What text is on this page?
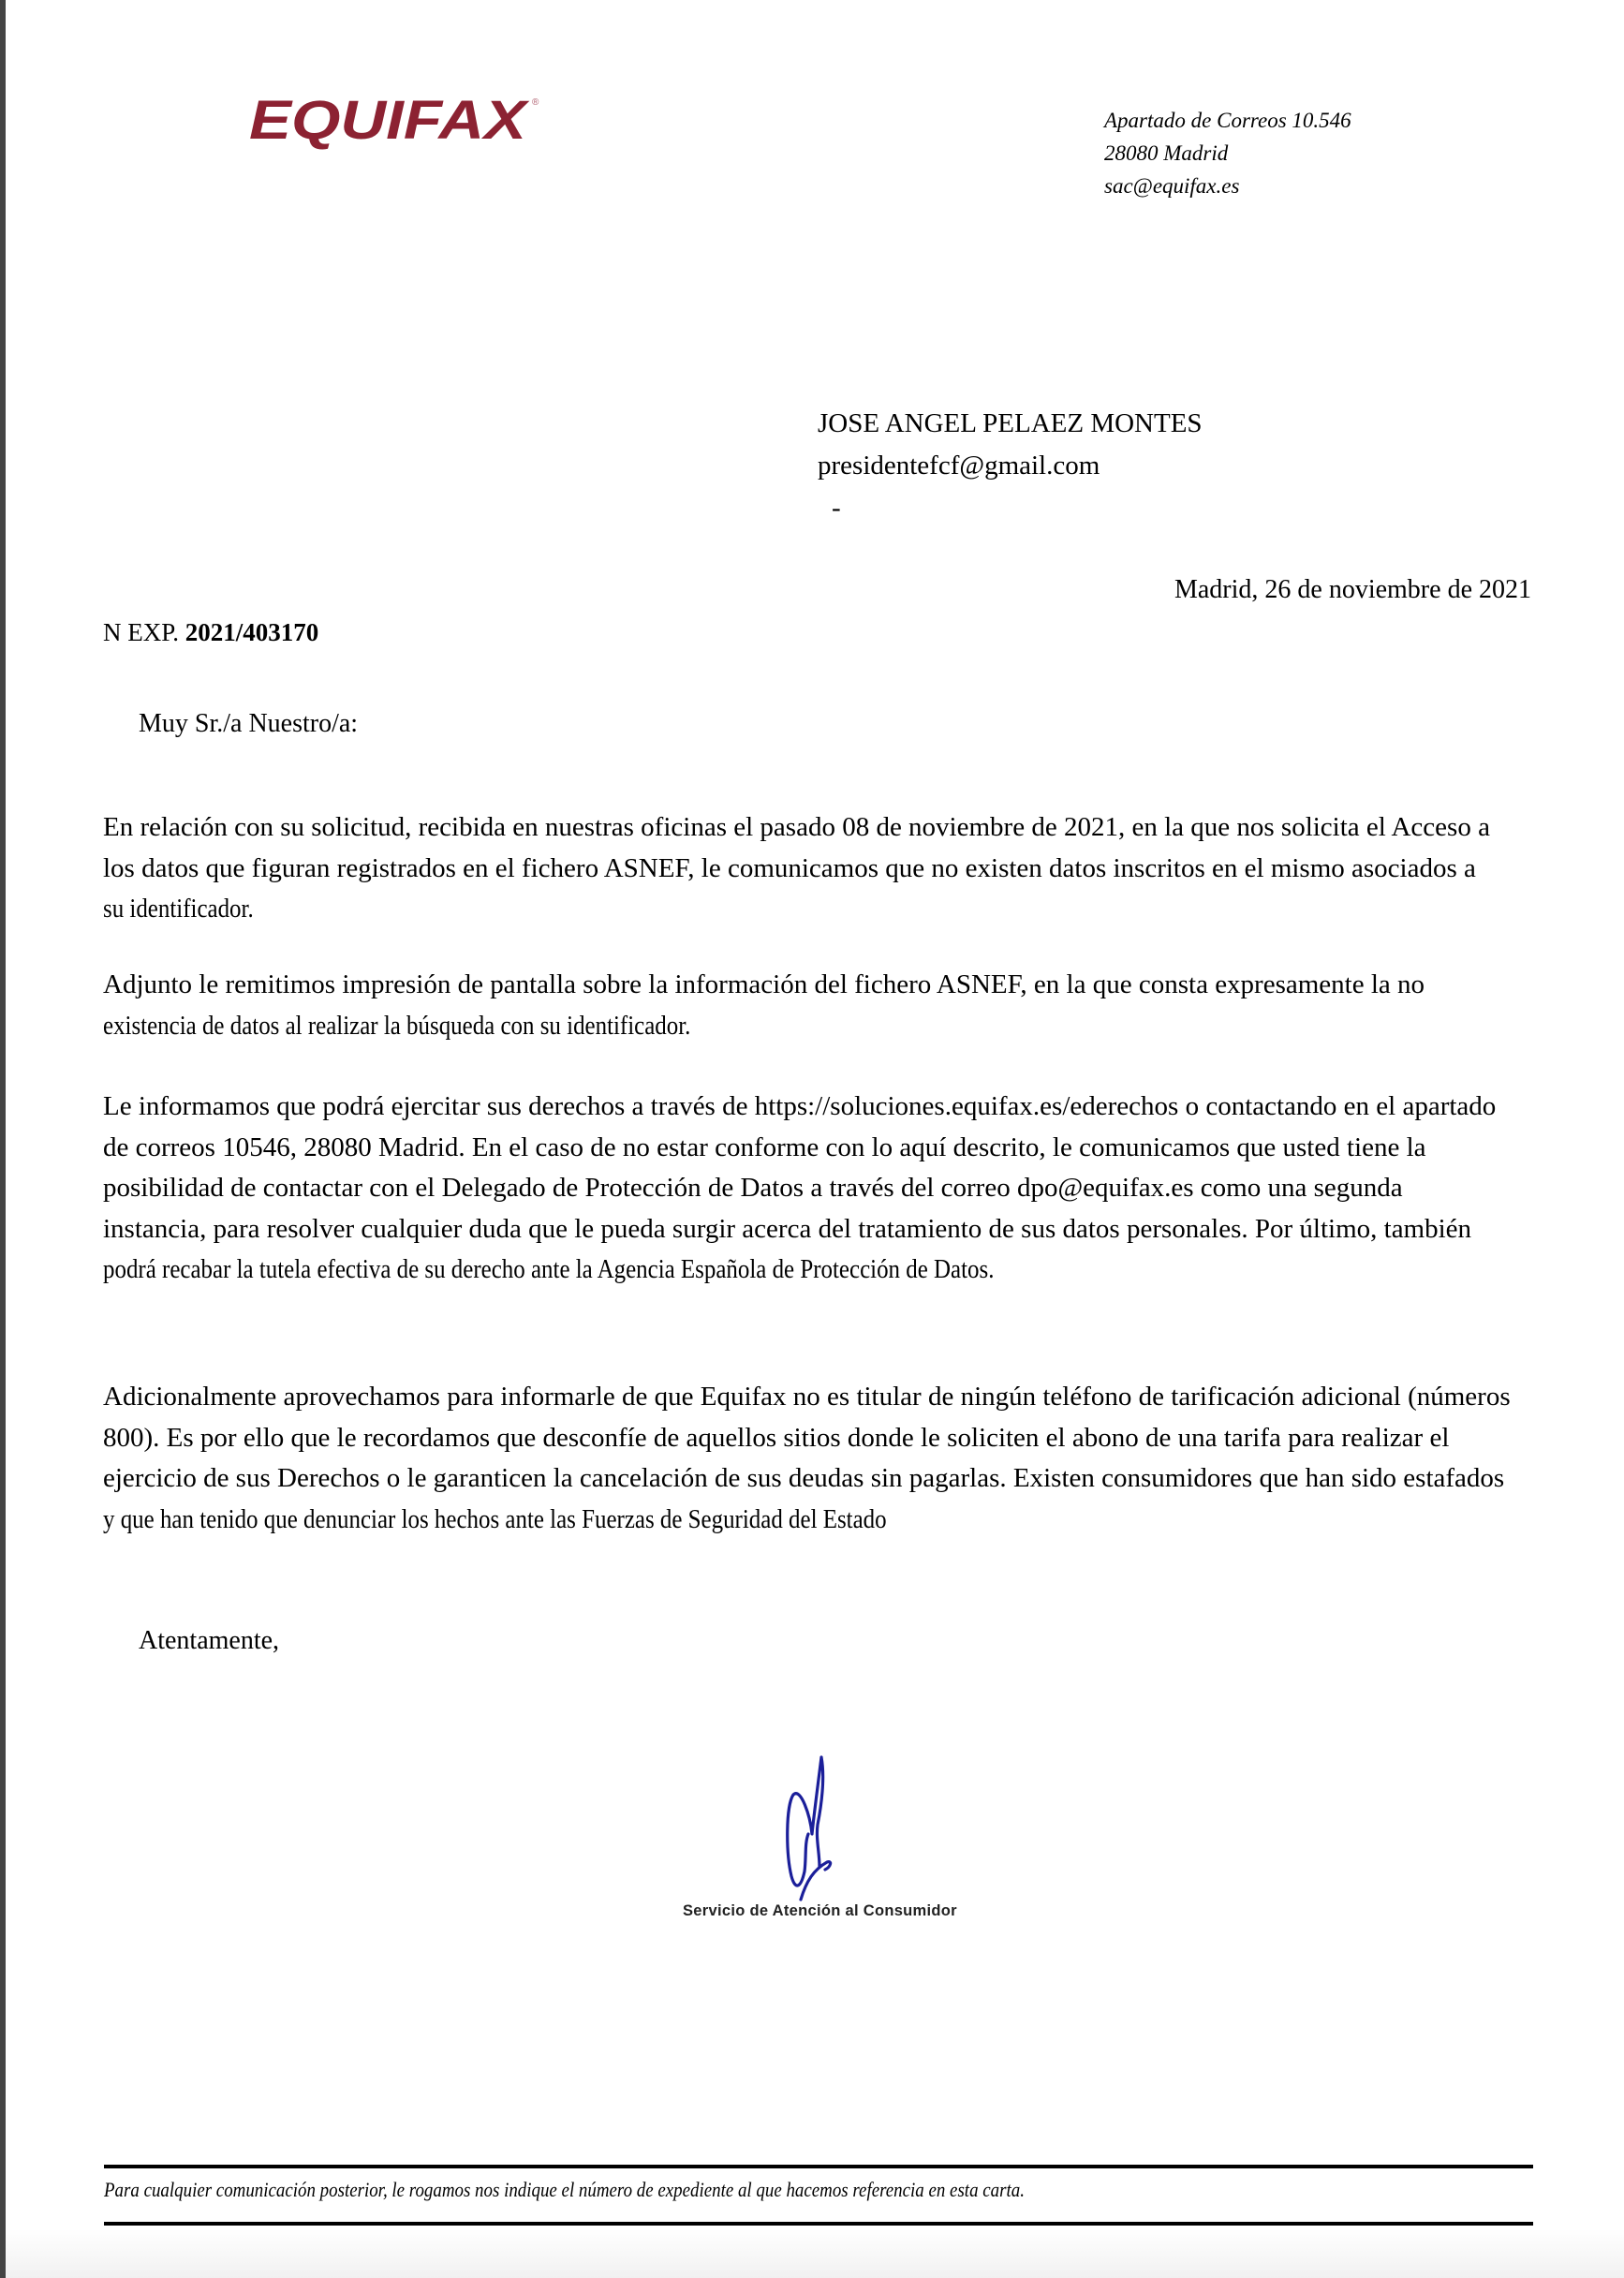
EQUIFAX ®
Apartado de Correos 10.546
28080 Madrid
sac@equifax.es
JOSE ANGEL PELAEZ MONTES
presidentefcf@gmail.com
-
Madrid, 26 de noviembre de 2021
N EXP. 2021/403170
Muy Sr./a Nuestro/a:
En relación con su solicitud, recibida en nuestras oficinas el pasado 08 de noviembre de 2021, en la que nos solicita el Acceso a
los datos que figuran registrados en el fichero ASNEF, le comunicamos que no existen datos inscritos en el mismo asociados a
su identificador.
Adjunto le remitimos impresión de pantalla sobre la información del fichero ASNEF, en la que consta expresamente la no
existencia de datos al realizar la búsqueda con su identificador.
Le informamos que podrá ejercitar sus derechos a través de https://soluciones.equifax.es/ederechos o contactando en el apartado
de correos 10546, 28080 Madrid. En el caso de no estar conforme con lo aquí descrito, le comunicamos que usted tiene la
posibilidad de contactar con el Delegado de Protección de Datos a través del correo dpo@equifax.es como una segunda
instancia, para resolver cualquier duda que le pueda surgir acerca del tratamiento de sus datos personales. Por último, también
podrá recabar la tutela efectiva de su derecho ante la Agencia Española de Protección de Datos.
Adicionalmente aprovechamos para informarle de que Equifax no es titular de ningún teléfono de tarificación adicional (números
800). Es por ello que le recordamos que desconfíe de aquellos sitios donde le soliciten el abono de una tarifa para realizar el
ejercicio de sus Derechos o le garanticen la cancelación de sus deudas sin pagarlas. Existen consumidores que han sido estafados
y que han tenido que denunciar los hechos ante las Fuerzas de Seguridad del Estado
Atentamente,
Servicio de Atención al Consumidor
Para cualquier comunicación posterior, le rogamos nos indique el número de expediente al que hacemos referencia en esta carta.
